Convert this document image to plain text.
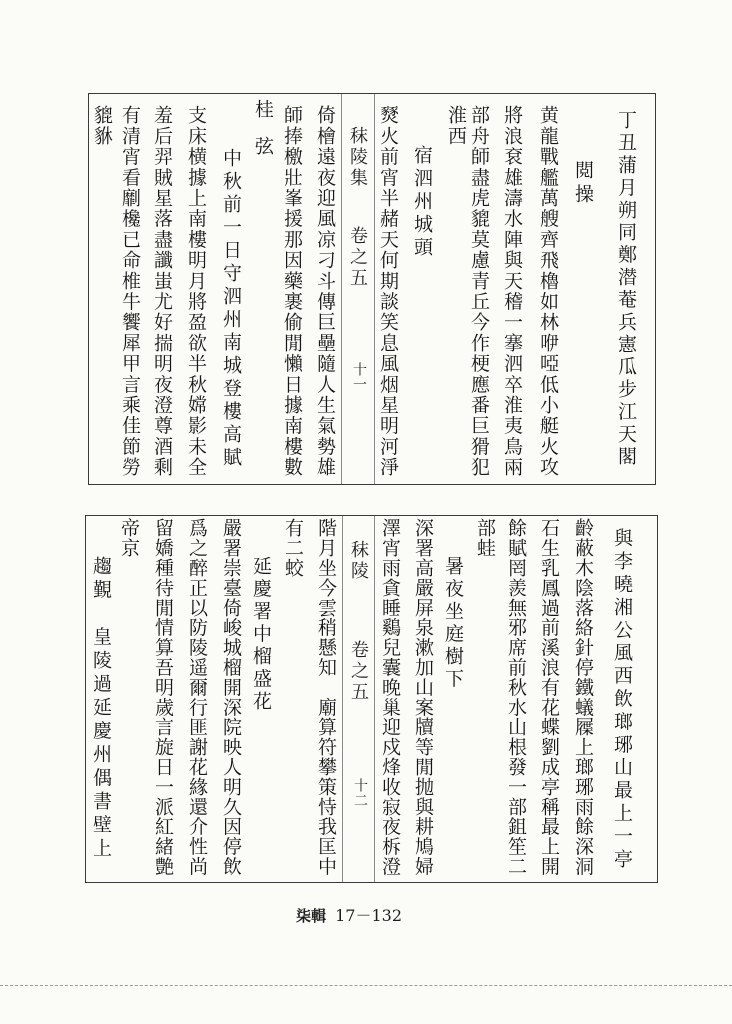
丁丑蒲月朔同鄭潜菴兵憲瓜步江天閣
閲操
黄龍戰艦萬艘齊飛櫓如林咿啞低小艇火攻
將浪袞雄濤水陣與天稽一搴泗卒淮夷鳥兩
部舟師盡虎貔莫慮青丘今作梗應番巨猾犯
淮西
宿泗州城頭
燹火前宵半赭天何期談笑息風烟星明河淨
秣陵集
卷之五
十一
倚檜遠夜迎風凉刁斗傳巨壘隨人生氣勢雄
師捧檄壯峯援那因藥裹偷閒懶日據南樓數
桂弦
中秋前一日守泗州南城登樓高賦
支床横據上南樓明月將盈欲半秋嫦影未全
羞后羿賊星落盡讖蚩尤好揣明夜澄尊酒剩
有清宵看劘欃已命椎牛饗犀甲言乘佳節勞
貔貅
與李曉湘公風西飲瑯琊山最上一亭
齡蔽木陰落絡針停鐵蟻屧上瑯琊雨餘深洞
石生乳鳳過前溪浪有花蝶劉成亭稱最上開
餘賦罔羨無邪席前秋水山根發一部鉏笙二
部蛙
暑夜坐庭樹下
深署高嚴屏泉漱加山案牘等閒抛與耕鳩婦
澤宵雨貪睡鷄兒囊晚巢迎戍烽收寂夜柝澄
秣陵
卷之五
十二
階月坐今雲稍懸知　廟算符攀策恃我匡中
有二蛟
延慶署中榴盛花
嚴署崇臺倚峻城榴開深院映人明久因停飲
爲之醉正以防陵遥爾行匪謝花緣還介性尚
留嬌種待閒情算吾明歲言旋日一派紅緒艶
帝京
趨覲　皇陵過延慶州偶書壁上
柒輯 17－132
